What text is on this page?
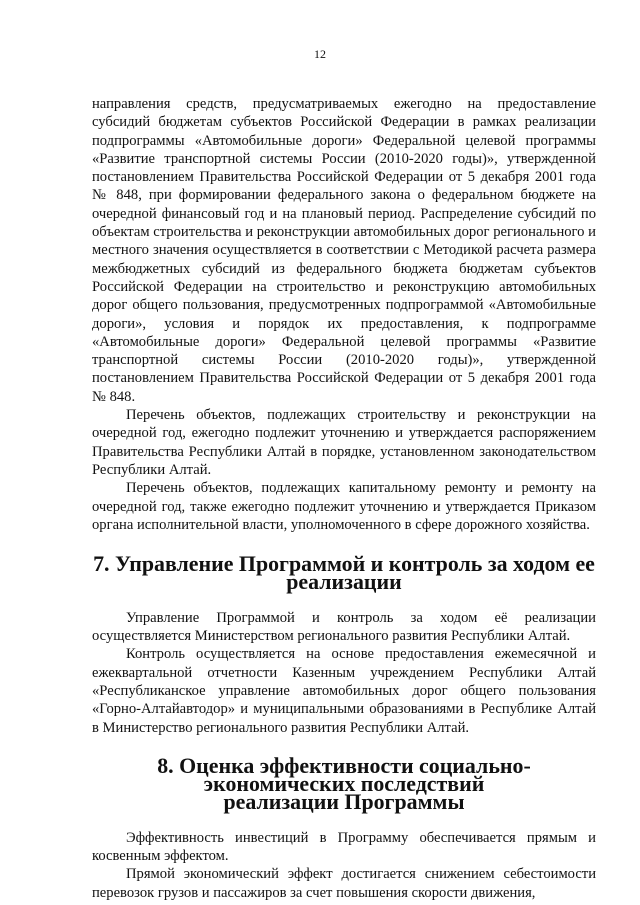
12

направления средств, предусматриваемых ежегодно на предоставление субсидий бюджетам субъектов Российской Федерации в рамках реализации подпрограммы «Автомобильные дороги» Федеральной целевой программы «Развитие транспортной системы России (2010-2020 годы)», утвержденной постановлением Правительства Российской Федерации от 5 декабря 2001 года № 848, при формировании федерального закона о федеральном бюджете на очередной финансовый год и на плановый период. Распределение субсидий по объектам строительства и реконструкции автомобильных дорог регионального и местного значения осуществляется в соответствии с Методикой расчета размера межбюджетных субсидий из федерального бюджета бюджетам субъектов Российской Федерации на строительство и реконструкцию автомобильных дорог общего пользования, предусмотренных подпрограммой «Автомобильные дороги», условия и порядок их предоставления, к подпрограмме «Автомобильные дороги» Федеральной целевой программы «Развитие транспортной системы России (2010-2020 годы)», утвержденной постановлением Правительства Российской Федерации от 5 декабря 2001 года № 848.

Перечень объектов, подлежащих строительству и реконструкции на очередной год, ежегодно подлежит уточнению и утверждается распоряжением Правительства Республики Алтай в порядке, установленном законодательством Республики Алтай.

Перечень объектов, подлежащих капитальному ремонту и ремонту на очередной год, также ежегодно подлежит уточнению и утверждается Приказом органа исполнительной власти, уполномоченного в сфере дорожного хозяйства.

7. Управление Программой и контроль за ходом ее реализации

Управление Программой и контроль за ходом её реализации осуществляется Министерством регионального развития Республики Алтай.

Контроль осуществляется на основе предоставления ежемесячной и ежеквартальной отчетности Казенным учреждением Республики Алтай «Республиканское управление автомобильных дорог общего пользования «Горно-Алтайавтодор» и муниципальными образованиями в Республике Алтай в Министерство регионального развития Республики Алтай.

8. Оценка эффективности социально-экономических последствий
реализации Программы

Эффективность инвестиций в Программу обеспечивается прямым и косвенным эффектом.

Прямой экономический эффект достигается снижением себестоимости перевозок грузов и пассажиров за счет повышения скорости движения,
